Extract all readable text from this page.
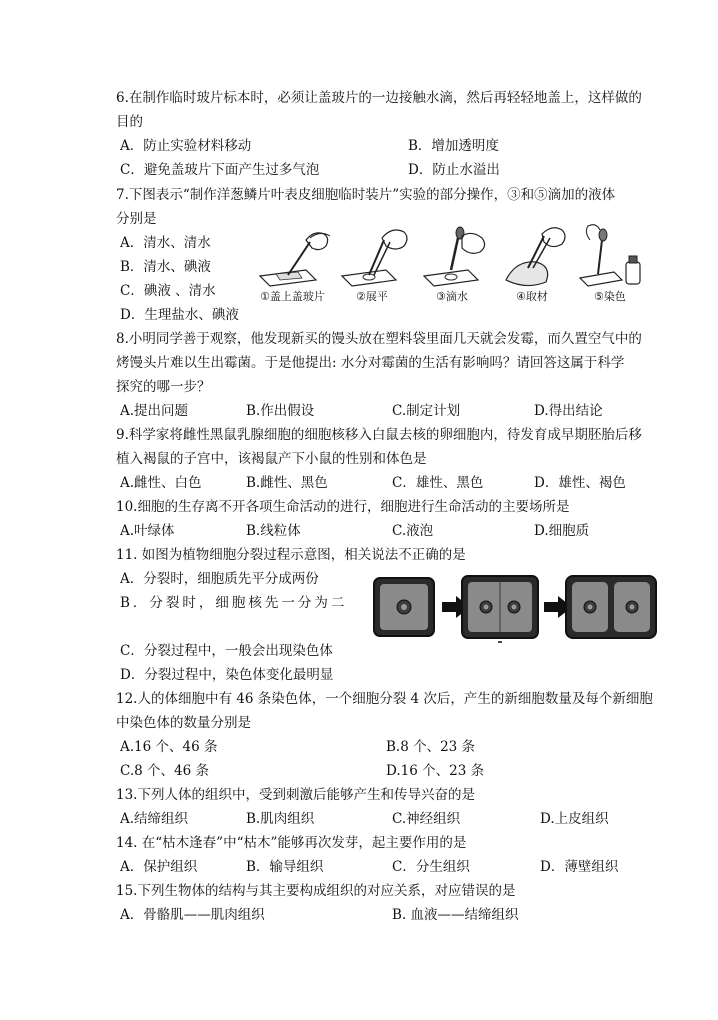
6.在制作临时玻片标本时，必须让盖玻片的一边接触水滴，然后再轻轻地盖上，这样做的
目的
A．防止实验材料移动	B．增加透明度
C．避免盖玻片下面产生过多气泡	D．防止水溢出
7.下图表示“制作洋葱鳞片叶表皮细胞临时装片”实验的部分操作，③和⑤滴加的液体
分别是
A．清水、清水
B．清水、碘液
C．碘液 、清水
D．生理盐水、碘液
①盖上盖玻片	②展平	③滴水	④取材	⑤染色
8.小明同学善于观察，他发现新买的馒头放在塑料袋里面几天就会发霉，而久置空气中的
烤馒头片难以生出霉菌。于是他提出: 水分对霉菌的生活有影响吗？请回答这属于科学
探究的哪一步？
A.提出问题	B.作出假设	C.制定计划	D.得出结论
9.科学家将雌性黑鼠乳腺细胞的细胞核移入白鼠去核的卵细胞内，待发育成早期胚胎后移
植入褐鼠的子宫中，该褐鼠产下小鼠的性别和体色是
A.雌性、白色	B.雌性、黑色	C．雄性、黑色	D．雄性、褐色
10.细胞的生存离不开各项生命活动的进行，细胞进行生命活动的主要场所是
A.叶绿体	B.线粒体	C.液泡	D.细胞质
11. 如图为植物细胞分裂过程示意图，相关说法不正确的是
A．分裂时，细胞质先平分成两份
B．分裂时，细胞核先一分为二
C．分裂过程中，一般会出现染色体
D．分裂过程中，染色体变化最明显
12.人的体细胞中有 46 条染色体，一个细胞分裂 4 次后，产生的新细胞数量及每个新细胞
中染色体的数量分别是
A.16 个、46 条	B.8 个、23 条
C.8 个、46 条	D.16 个、23 条
13.下列人体的组织中，受到刺激后能够产生和传导兴奋的是
A.结缔组织	B.肌肉组织	C.神经组织	D.上皮组织
14. 在“枯木逢春”中“枯木”能够再次发芽，起主要作用的是
A．保护组织	B．输导组织	C．分生组织	D．薄壁组织
15.下列生物体的结构与其主要构成组织的对应关系，对应错误的是
A．骨骼肌——肌肉组织	B. 血液——结缔组织
